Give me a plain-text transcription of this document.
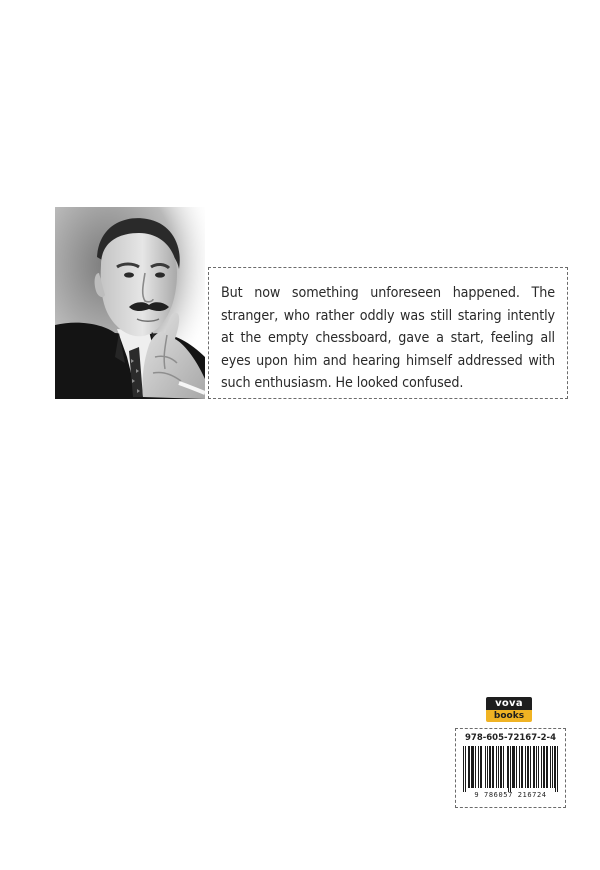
But now something unforeseen happened. The stranger, who rather oddly was still staring intently at the empty chessboard, gave a start, feeling all eyes upon him and hearing himself addressed with such enthusiasm. He looked confused.

vova
books
978-605-72167-2-4
9 786057 216724
